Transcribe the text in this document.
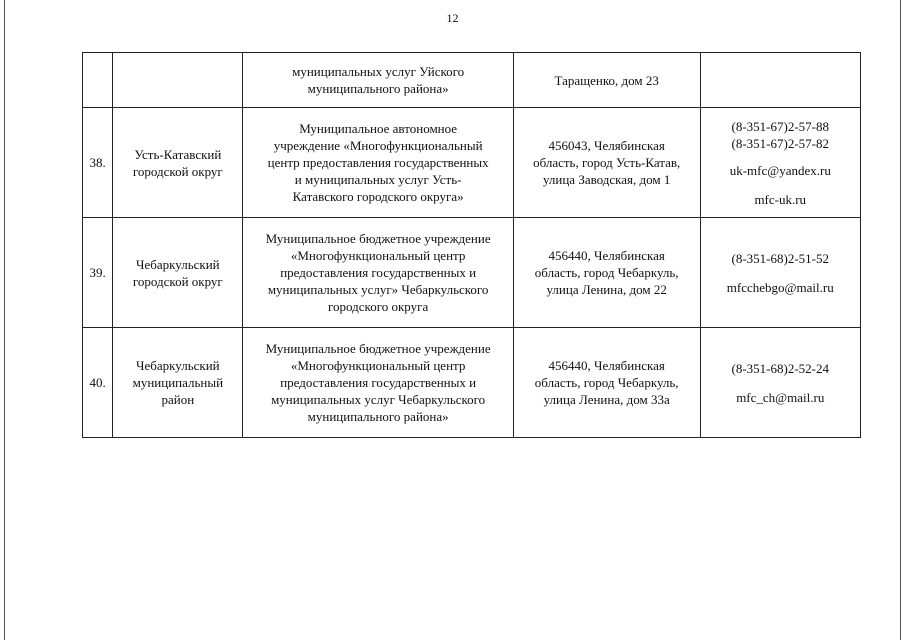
12

		муниципальных услуг Уйского
муниципального района»	Таращенко, дом 23	

38.	Усть-Катавский
городской округ	Муниципальное автономное
учреждение «Многофункциональный
центр предоставления государственных
и муниципальных услуг Усть-
Катавского городского округа»	456043, Челябинская
область, город Усть-Катав,
улица Заводская, дом 1	(8-351-67)2-57-88
(8-351-67)2-57-82
uk-mfc@yandex.ru
mfc-uk.ru

39.	Чебаркульский
городской округ	Муниципальное бюджетное учреждение
«Многофункциональный центр
предоставления государственных и
муниципальных услуг» Чебаркульского
городского округа	456440, Челябинская
область, город Чебаркуль,
улица Ленина, дом 22	(8-351-68)2-51-52
mfcchebgo@mail.ru

40.	Чебаркульский
муниципальный
район	Муниципальное бюджетное учреждение
«Многофункциональный центр
предоставления государственных и
муниципальных услуг Чебаркульского
муниципального района»	456440, Челябинская
область, город Чебаркуль,
улица Ленина, дом 33а	(8-351-68)2-52-24
mfc_ch@mail.ru
